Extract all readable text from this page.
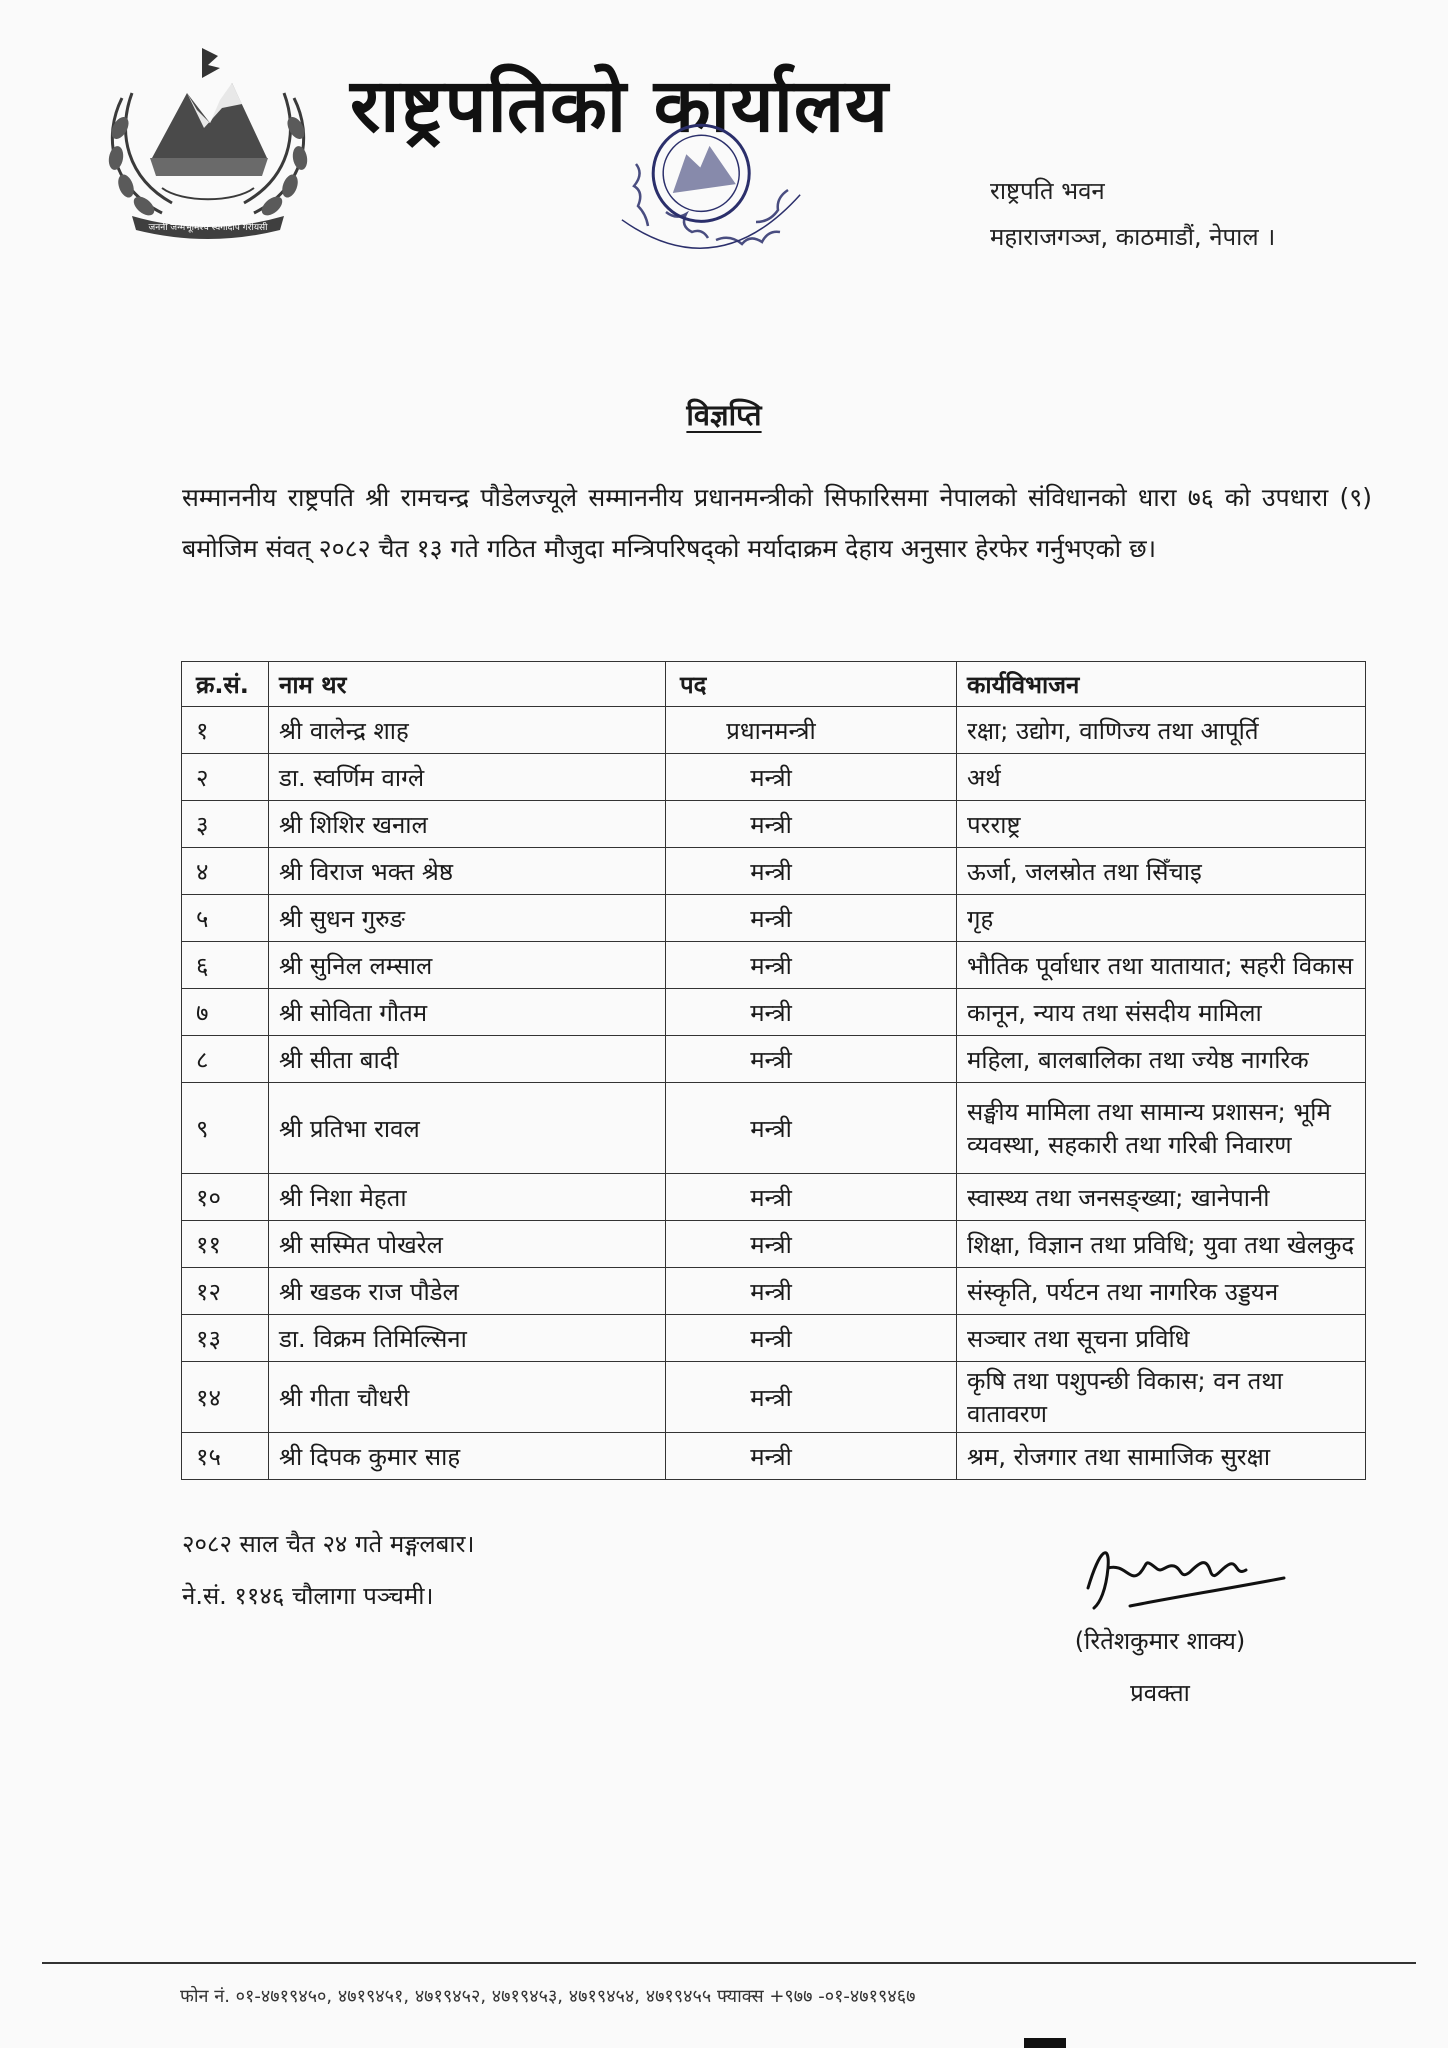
जननी जन्मभूमिश्च स्वर्गादपि गरीयसी
राष्ट्रपतिको कार्यालय
राष्ट्रपति भवन
महाराजगञ्ज, काठमाडौं, नेपाल ।
विज्ञप्ति
सम्माननीय राष्ट्रपति श्री रामचन्द्र पौडेलज्यूले सम्माननीय प्रधानमन्त्रीको सिफारिसमा नेपालको संविधानको धारा ७६ को उपधारा (९) बमोजिम संवत् २०८२ चैत १३ गते गठित मौजुदा मन्त्रिपरिषद्को मर्यादाक्रम देहाय अनुसार हेरफेर गर्नुभएको छ।
क्र.सं.	नाम थर	पद	कार्यविभाजन
१	श्री वालेन्द्र शाह	प्रधानमन्त्री	रक्षा; उद्योग, वाणिज्य तथा आपूर्ति
२	डा. स्वर्णिम वाग्ले	मन्त्री	अर्थ
३	श्री शिशिर खनाल	मन्त्री	परराष्ट्र
४	श्री विराज भक्त श्रेष्ठ	मन्त्री	ऊर्जा, जलस्रोत तथा सिँचाइ
५	श्री सुधन गुरुङ	मन्त्री	गृह
६	श्री सुनिल लम्साल	मन्त्री	भौतिक पूर्वाधार तथा यातायात; सहरी विकास
७	श्री सोविता गौतम	मन्त्री	कानून, न्याय तथा संसदीय मामिला
८	श्री सीता बादी	मन्त्री	महिला, बालबालिका तथा ज्येष्ठ नागरिक
९	श्री प्रतिभा रावल	मन्त्री	सङ्घीय मामिला तथा सामान्य प्रशासन; भूमि व्यवस्था, सहकारी तथा गरिबी निवारण
१०	श्री निशा मेहता	मन्त्री	स्वास्थ्य तथा जनसङ्ख्या; खानेपानी
११	श्री सस्मित पोखरेल	मन्त्री	शिक्षा, विज्ञान तथा प्रविधि; युवा तथा खेलकुद
१२	श्री खडक राज पौडेल	मन्त्री	संस्कृति, पर्यटन तथा नागरिक उड्डयन
१३	डा. विक्रम तिमिल्सिना	मन्त्री	सञ्चार तथा सूचना प्रविधि
१४	श्री गीता चौधरी	मन्त्री	कृषि तथा पशुपन्छी विकास; वन तथा वातावरण
१५	श्री दिपक कुमार साह	मन्त्री	श्रम, रोजगार तथा सामाजिक सुरक्षा
२०८२ साल चैत २४ गते मङ्गलबार।
ने.सं. ११४६ चौलागा पञ्चमी।
(रितेशकुमार शाक्य)
प्रवक्ता
फोन नं. ०१-४७१९४५०, ४७१९४५१, ४७१९४५२, ४७१९४५३, ४७१९४५४, ४७१९४५५ फ्याक्स +९७७ -०१-४७१९४६७
